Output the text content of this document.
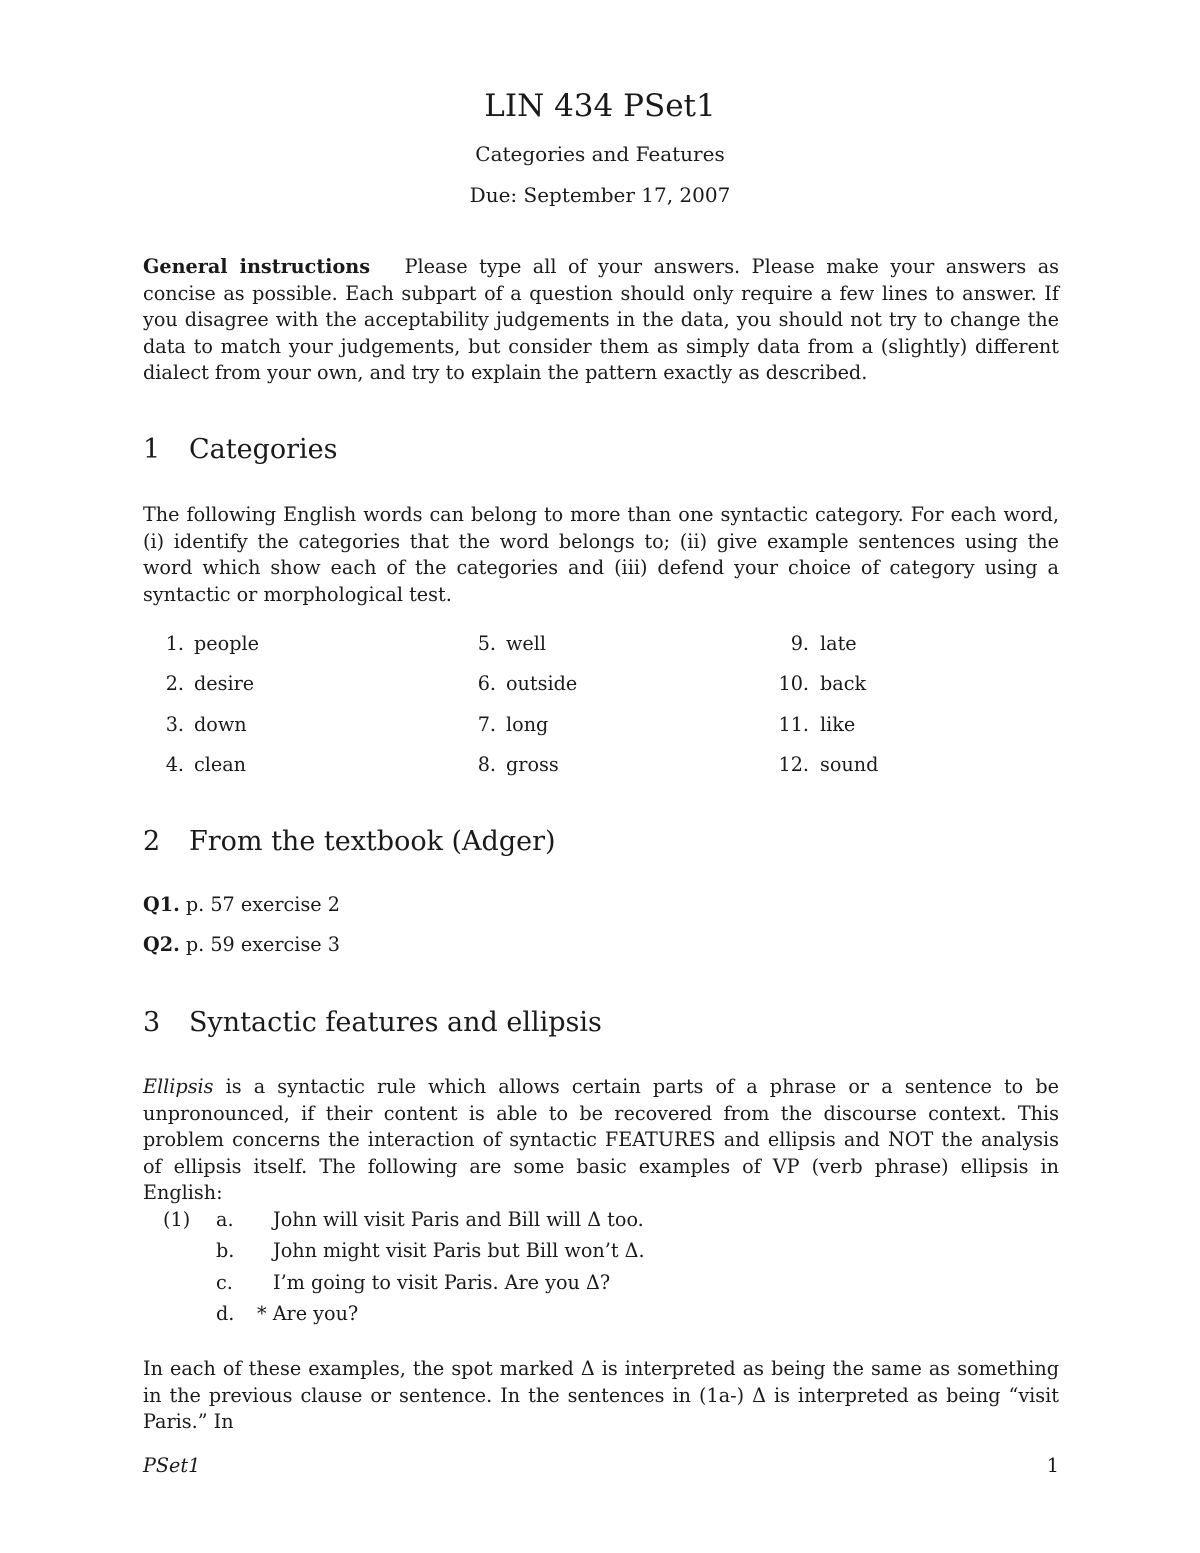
LIN 434 PSet1
Categories and Features
Due: September 17, 2007
General instructions Please type all of your answers. Please make your answers as concise as possible. Each subpart of a question should only require a few lines to answer. If you disagree with the acceptability judgements in the data, you should not try to change the data to match your judgements, but consider them as simply data from a (slightly) different dialect from your own, and try to explain the pattern exactly as described.
1 Categories
The following English words can belong to more than one syntactic category. For each word, (i) identify the categories that the word belongs to; (ii) give example sentences using the word which show each of the categories and (iii) defend your choice of category using a syntactic or morphological test.
1. people
2. desire
3. down
4. clean
5. well
6. outside
7. long
8. gross
9. late
10. back
11. like
12. sound
2 From the textbook (Adger)
Q1. p. 57 exercise 2
Q2. p. 59 exercise 3
3 Syntactic features and ellipsis
Ellipsis is a syntactic rule which allows certain parts of a phrase or a sentence to be unpronounced, if their content is able to be recovered from the discourse context. This problem concerns the interaction of syntactic FEATURES and ellipsis and NOT the analysis of ellipsis itself. The following are some basic examples of VP (verb phrase) ellipsis in English:
(1) a. John will visit Paris and Bill will Δ too.
b. John might visit Paris but Bill won’t Δ.
c. I’m going to visit Paris. Are you Δ?
d. * Are you?
In each of these examples, the spot marked Δ is interpreted as being the same as something in the previous clause or sentence. In the sentences in (1a-) Δ is interpreted as being “visit Paris.” In
PSet1	1
